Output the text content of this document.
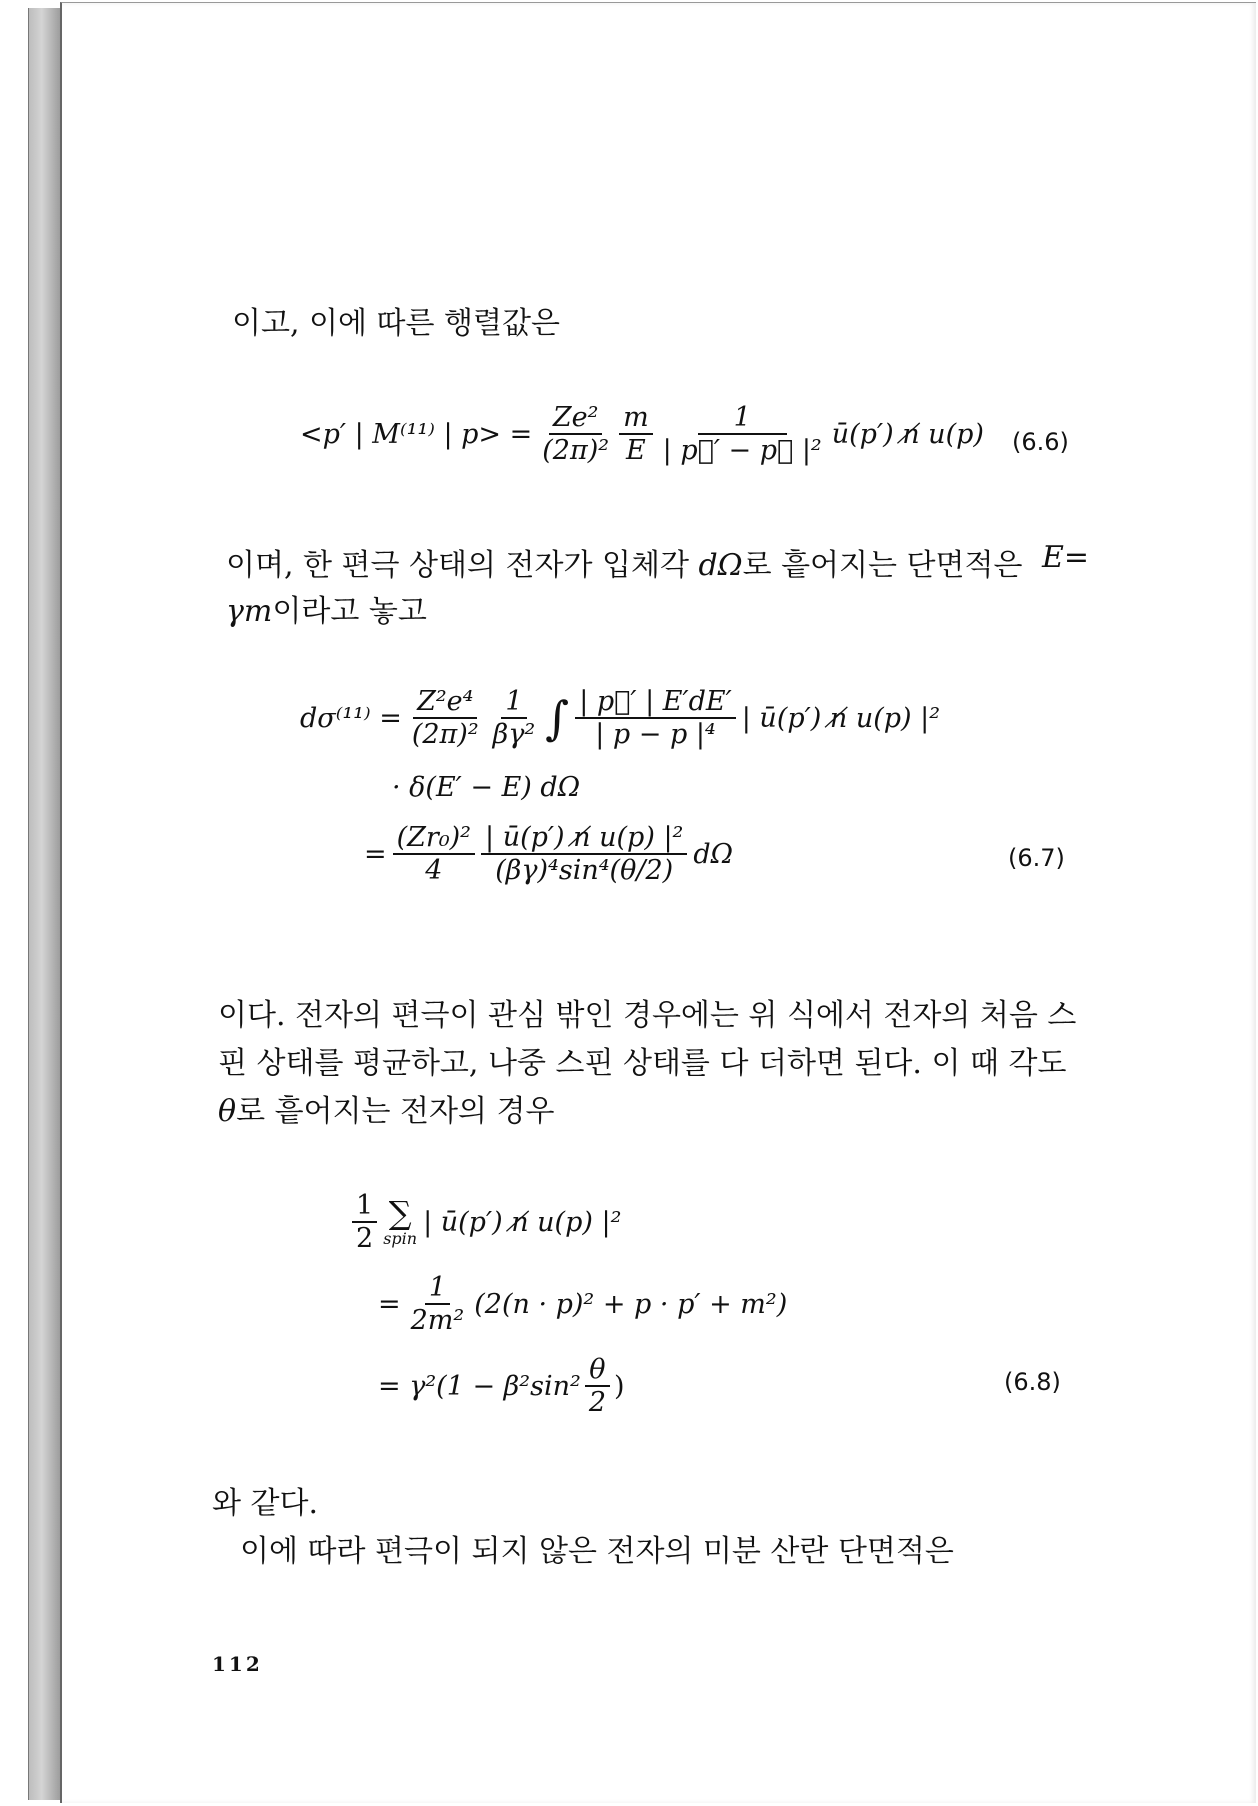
이고, 이에 따른 행렬값은
<p′ | M⁽¹¹⁾ | $p> = \frac{\text{Ze²}}{\text{(2π)²}} \frac{m}{E} \frac{1}{\text{| p⃗′ − p⃗ |²}}$ ū(p′) n̸ u(p) (6.6)
이며, 한 편극 상태의 전자가 입체각 dΩ로 흩어지는 단면적은 E=
γm이라고 놓고
$d\sigma^{(11)} = \frac{\text{Z²e⁴}}{\text{(2π)²}} \frac{1}{\text{βγ²}}$ ∫ $\frac{| p⃗' | E'dE'}{\text{| p − p |⁴}}$ | ū(p′) n̸ u(p) |²
· δ(E′ − E) dΩ
= $\frac{\text{(Zr₀)²}}{4} \frac{\text{| ū(p′) n̸ u(p) |²}}{\text{(βγ)⁴sin⁴(θ/2)}}$ dΩ	(6.7)
이다. 전자의 편극이 관심 밖인 경우에는 위 식에서 전자의 처음 스
핀 상태를 평균하고, 나중 스핀 상태를 다 더하면 된다. 이 때 각도
θ로 흩어지는 전자의 경우
$\frac{1}{2}$ ∑
spin
| ū(p′) n̸ u(p) |²
= $\frac{1}{\text{2m²}} (2(n \cdot p)^2 + p \cdot p' + m^2)$
= $\gamma^2(1 - \beta^2\sin^2 \frac{\theta}{2}$ )	(6.8)
와 같다.
이에 따라 편극이 되지 않은 전자의 미분 산란 단면적은
112
